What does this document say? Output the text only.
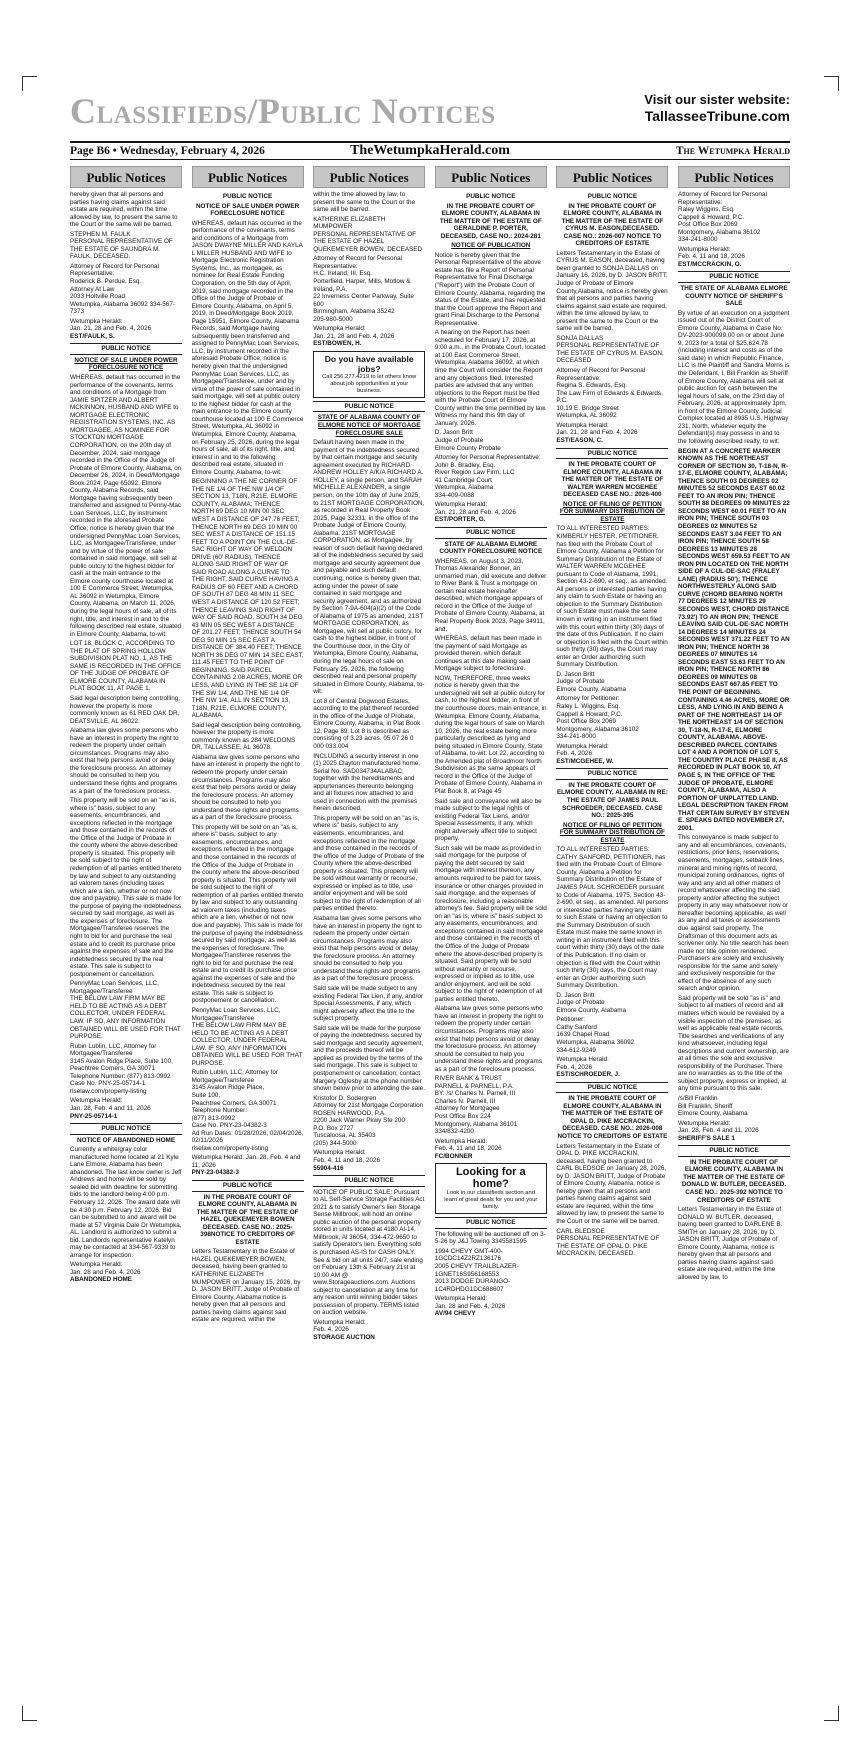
Classifieds/Public Notices	Visit our sister website:
TallasseeTribune.com
Page B6 • Wednesday, February 4, 2026	TheWetumpkaHerald.com	The Wetumpka Herald
Public Notices

hereby given that all persons and parties having claims against said estate are required, within the time allowed by law, to present the same to the Court or the same will be barred.

STEPHEN M. FAULK

PERSONAL REPRESENTATIVE OF THE ESTATE OF SAUNDRA M. FAULK, DECEASED.

Attorney of Record for Personal Representative:
Roderick B. Perdue, Esq.
Attorney At Law
2033 Holtville Road

Wetumpka, Alabama 36092 334-567-7373

Wetumpka Herald:
Jan. 21, 28 and Feb. 4, 2026
EST/FAULK, S.
PUBLIC NOTICE
NOTICE OF SALE UNDER POWER FORECLOSURE NOTICE

WHEREAS, default has occurred in the performance of the covenants, terms and conditions of a Mortgage from JAMIE SPITZER AND ALBERT MCKINNON, HUSBAND AND WIFE to MORTGAGE ELECTRONIC REGISTRATION SYSTEMS, INC. AS MORTGAGEE, AS NOMINEE FOR STOCKTON MORTGAGE CORPORATION, on the 20th day of December, 2024, said mortgage recorded in the Office of the Judge of Probate of Elmore County, Alabama, on December 26, 2024, in Deed/Mortgage Book 2024, Page 65092. Elmore County, Alabama Records, said Mortgage having subsequently been transferred and assigned to Penny-Mac Loan Services, LLC, by instrument recorded in the aforesaid Probate Office; notice is hereby given that the undersigned PennyMac Loan Services, LLC, as Mortgagee/Transferee, under and by virtue of the power of sale contained in said mortgage, will sell at public outcry to the highest bidder for cash at the main entrance to the Elmore county courthouse located at 100 E Commerce Street, Wetumpka, AL 36092 in Wetumpka, Elmore County, Alabama, on March 11, 2026, during the legal hours of sale, all of its right, title, and interest in and to the following described real estate, situated in Elmore County, Alabama, to-wit:

LOT 18, BLOCK C, ACCORDING TO THE PLAT OF SPRING HOLLOW SUBDIVISION PLAT NO. 1, AS THE SAME IS RECORDED IN THE OFFICE OF THE JUDGE OF PROBATE OF ELMORE COUNTY, ALABAMA IN PLAT BOOK 11, AT PAGE 1.

Said legal description being controlling, however the property is more commonly known as 61 RED OAK DR, DEATSVILLE, AL 36022.

Alabama law gives some persons who have an interest in property the right to redeem the property under certain circumstances. Programs may also exist that help persons avoid or delay the foreclosure process. An attorney should be consulted to help you understand these rights and programs as a part of the foreclosure process.

This property will be sold on an "as is, where is" basis, subject to any easements, encumbrances, and exceptions reflected in the mortgage and those contained in the records of the Office of the Judge of Probate in the county where the above-described property is situated. This property will be sold subject to the right of redemption of all parties entitled thereto by law and subject to any outstanding ad valorem taxes (including taxes which are a lien, whether or not now due and payable). This sale is made for the purpose of paying the indebtedness secured by said mortgage, as well as the expenses of foreclosure. The Mortgagee/Transferee reserves the right to bid for and purchase the real estate and to credit its purchase price against the expenses of sale and the indebtedness secured by the real estate. This sale is subject to postponement or cancellation.

PennyMac Loan Services, LLC,
Mortgagee/Transferee

THE BELOW LAW FIRM MAY BE HELD TO BE ACTING AS A DEBT COLLECTOR, UNDER FEDERAL LAW. IF SO, ANY INFORMATION OBTAINED WILL BE USED FOR THAT PURPOSE.

Rubin Lublin, LLC, Attorney for Mortgagee/Transferee
3145 Avalon Ridge Place, Suite 100, Peachtree Corners, GA 30071
Telephone Number: (877) 813-0992 Case No. PNY-25-05714-1

rlselaw.com/property-listing

Wetumpka Herald:
Jan. 28, Feb. 4 and 11, 2026
PNY-25-05714-1
PUBLIC NOTICE
NOTICE OF ABANDONED HOME

Currently a white/gray color manufactured home located at 21 Kyle Lane Elmore, Alabama has been abandoned. The last know owner is Jeff Andrews and home will be sold by sealed bid with deadline for submitting bids to the landlord being 4:00 p.m. February 12, 2026. The award date will be 4:30 p.m. February 12, 2026. Bid can be submitted to and award will be made at 57 Virginia Dale Dr Wetumpka, AL. Landlord is authorized to submit a bid. Landlords representative Katelyn may be contacted at 334-567-9339 to arrange for inspection.

Wetumpka Herald:
Jan. 28 and Feb. 4, 2026
ABANDONED HOME
Public Notices
PUBLIC NOTICE
NOTICE OF SALE UNDER POWER FORECLOSURE NOTICE

WHEREAS, default has occurred in the performance of the covenants, terms and conditions of a Mortgage from JASON DWAYNE MILLER AND KAYLA L MILLER HUSBAND AND WIFE to Mortgage Electronic Registration Systems, Inc., as mortgagee, as nominee for Real Estate Funding Corporation, on the 5th day of April, 2019, said mortgage recorded in the Office of the Judge of Probate of Elmore County, Alabama, on April 5, 2019, in Deed/Mortgage Book 2019, Page 15951, Elmore County, Alabama Records, said Mortgage having subsequently been transferred and assigned to PennyMac Loan Services, LLC, by instrument recorded in the aforesaid Probate Office; notice is hereby given that the undersigned PennyMac Loan Services, LLC, as Mortgagee/Transferee, under and by virtue of the power of sale contained in said mortgage, will sell at public outcry to the highest bidder for cash at the main entrance to the Elmore county courthouse located at 100 E Commerce Street, Wetumpka, AL 36092 in Wetumpka, Elmore County, Alabama, on February 25, 2026, during the legal hours of sale, all of its right, title, and interest in and to the following described real estate, situated in Elmore County, Alabama, to-wit:

BEGINNING A THE NE CORNER OF THE NE 1/4 OF THE NW 1/4 OF SECTION 13, T18N, R21E, ELMORE COUNTY, ALABAMA; THENCE NORTH 69 DEG 10 MIN 00 SEC WEST A DISTANCE OF 247.76 FEET; THENCE NORTH 69 DEG 10 MIN 00 SEC WEST A DISTANCE OF 151.15 FEET TO A POINT ON THE CUL-DE-SAC RIGHT OF WAY OF WELDON DRIVE (60' RADIUS); THENCE ALONG SAID RIGHT OF WAY OF SAID ROAD ALONG A CURVE TO THE RIGHT, SAID CURVE HAVING A RADIUS OF 60 FEET AND A CHORD OF SOUTH 87 DEG 48 MIN 11 SEC WEST A DISTANCE OF 120.52 FEET; THENCE LEAVING SAID RIGHT OF WAY OF SAID ROAD, SOUTH 34 DEG 43 MIN 05 SEC WEST A DISTANCE OF 201.27 FEET; THENCE SOUTH 54 DEG 50 MIN 15 SEC EAST A DISTANCE OF 384.40 FEET; THENCE NORTH 36 DEG 07 MIN 14 SEC EAST, 111.45 FEET TO THE POINT OF BEGINNING. SAID PARCEL CONTAINING 2.08 ACRES, MORE OR LESS, AND LYING IN THE SE 1/4 OF THE SW 1/4, AND THE NE 1/4 OF THE NW 1/4, ALL IN SECTION 13, T18N, R21E, ELMORE COUNTY, ALABAMA.

Said legal description being controlling, however the property is more commonly known as 284 WELDONS DR, TALLASSEE, AL 36078.

Alabama law gives some persons who have an interest in property the right to redeem the property under certain circumstances. Programs may also exist that help persons avoid or delay the foreclosure process. An attorney should be consulted to help you understand these rights and programs as a part of the foreclosure process.

This property will be sold on an "as is, where is" basis, subject to any easements, encumbrances, and exceptions reflected in the mortgage and those contained in the records of the Office of the Judge of Probate in the county where the above-described property is situated. This property will be sold subject to the right of redemption of all parties entitled thereto by law and subject to any outstanding ad valorem taxes (including taxes which are a lien, whether or not now due and payable). This sale is made for the purpose of paying the indebtedness secured by said mortgage, as well as the expenses of foreclosure. The Mortgagee/Transferee reserves the right to bid for and purchase the real estate and to credit its purchase price against the expenses of sale and the indebtedness secured by the real estate. This sale is subject to postponement or cancellation.

PennyMac Loan Services, LLC,
Mortgagee/Transferee

THE BELOW LAW FIRM MAY BE HELD TO BE ACTING AS A DEBT COLLECTOR, UNDER FEDERAL LAW. IF SO, ANY INFORMATION OBTAINED WILL BE USED FOR THAT PURPOSE.

Rubin Lublin, LLC, Attorney for Mortgagee/Transferee
3145 Avalon Ridge Place,
Suite 100,
Peachtree Corners, GA 30071
Telephone Number:
(877) 813-0992
Case No. PNY-23-04382-3
Ad Run Dates: 01/28/2026, 02/04/2026, 02/11/2026

rlselaw.com/property-listing

Wetumpka Herald: Jan. 28, Feb. 4 and 11, 2026
PNY-23-04382-3
PUBLIC NOTICE
IN THE PROBATE COURT OF ELMORE COUNTY, ALABAMA IN THE MATTER OF THE ESTATE OF HAZEL QUEKEMEYER BOWEN DECEASED. CASE NO.: 2025-398NOTICE TO CREDITORS OF ESTATE

Letters Testamentary in the Estate of HAZEL QUEKEMEYER BOWEN, deceased, having been granted to KATHERINE ELIZABETH MUMPOWER on January 15, 2026, by D. JASON BRITT, Judge of Probate of Elmore County, Alabama notice is hereby given that all persons and parties having claims against said estate are required, within the

Public Notices

within the time allowed by law, to present the same to the Court or the same will be barred.

KATHERINE ELIZABETH MUMPOWER

PERSONAL REPRESENTATIVE OF THE ESTATE OF HAZEL QUEKEMEYER BOWEN, DECEASED

Attorney of Record for Personal Representative:
H.C. Ireland, III, Esq.
Porterfield, Harper, Mills, Motlow & Ireland, P.A.
22 Inverness Center Parkway, Suite 600
Birmingham, Alabama 35242

205-980-5000

Wetumpka Herald:
Jan. 21, 28 and Feb. 4, 2026
EST/BOWEN, H.
Do you have available jobs?
Call 256.277.4219 to let others know about job opportunities at your business.
PUBLIC NOTICE
STATE OF ALABAMA COUNTY OF ELMORE NOTICE OF MORTGAGE FORECLOSURE SALE

Default having been made in the payment of the indebtedness secured by that certain mortgage and security agreement executed by RICHARD ANDREW HOLLEY A/K/A RICHARD A. HOLLEY, a single person, and SARAH MICHELLE ALEXANDER, a single person, on the 10th day of June 2025, to 21ST MORTGAGE CORPORATION, as recorded in Real Property Book 2025, Page 32331, in the office of the Probate Judge of Elmore County, Alabama. 21ST MORTGAGE CORPORATION, as Mortgagee, by reason of such default having declared all of the indebtedness secured by said mortgage and security agreement due and payable and such default continuing, notice is hereby given that, acting under the power of sale contained in said mortgage and security agreement, and as authorized by Section 7-9A-604(a)(2) of the Code of Alabama of 1975 as amended, 21ST MORTGAGE CORPORATION, as Mortgagee, will sell at public outcry, for cash to the highest bidder, in front of the Courthouse door, in the City of Wetumpka, Elmore County, Alabama, during the legal hours of sale on February 25, 2026, the following described real and personal property situated in Elmore County, Alabama, to-wit:

Lot 8 of Central Dogwood Estates, according to the plat thereof recorded in the office of the Judge of Probate, Elmore County, Alabama, in Plat Book 12, Page 89. Lot 8 is described as consisting of 3.23 acres. 05 07 26 0 000 033.004

INCLUDING a security interest in one (1) 2025 Clayton manufactured home, Serial No. SAD034734ALABAC; together with the hereditaments and appurtenances thereunto belonging and all fixtures now attached to and used in connection with the premises herein described.

This property will be sold on an "as is, where is" basis, subject to any easements, encumbrances, and exceptions reflected in the mortgage and those contained in the records of the office of the Judge of Probate of the County where the above-described property is situated. This property will be sold without warranty or recourse, expressed or implied as to title, use and/or enjoyment and will be sold subject to the right of redemption of all parties entitled thereto.

Alabama law gives some persons who have an interest in property the right to redeem the property under certain circumstances. Programs may also exist that help persons avoid or delay the foreclosure process. An attorney should be consulted to help you understand these rights and programs as a part of the foreclosure process.

Said sale will be made subject to any existing Federal Tax Lien, if any, and/or Special Assessments, if any, which might adversely affect the title to the subject property.

Said sale will be made for the purpose of paying the indebtedness secured by said mortgage and security agreement, and the proceeds thereof will be applied as provided by the terms of the said mortgage. This sale is subject to postponement or cancellation; contact Margery Oglesby at the phone number shown below prior to attending the sale.

Kristofor D. Sodergren
Attorney for 21st Mortgage Corporation
ROSEN HARWOOD, P.A.
2200 Jack Warner Pkwy Ste 200
P.O. Box 2727
Tuscaloosa, AL 35403

(205) 344-5000

Wetumpka Herald:
Feb. 4, 11 and 18, 2026
55904-416
PUBLIC NOTICE

NOTICE OF PUBLIC SALE: Pursuant to AL Self-Service Storage Facilities Act 2021 & to satisfy Owner's lien Storage Sense Millbrook, will hold an online public auction of the personal property stored in units located at 4180 Al-14, Millbrook, Al 36054, 334-472-9650 to satisfy Operator's lien. Everything sold is purchased AS-IS for CASH ONLY. See & bid on all units 24/7, sale ending on February 13th & February 21st at 10:00 AM @ www.Storageauctions.com. Auctions subject to cancellation at any time for any reason until winning bidder takes possession of property. TERMS listed on auction website.

Wetumpka Herald:
Feb. 4, 2026
STORAGE AUCTION
Public Notices
PUBLIC NOTICE
IN THE PROBATE COURT OF ELMORE COUNTY, ALABAMA IN THE MATTER OF THE ESTATE OF GERALDINE P. PORTER, DECEASED, CASE NO.: 2024-281
NOTICE OF PUBLICATION

Notice is hereby given that the Personal Representative of the above estate has file a Report of Personal Representative for Final Discharge ("Report") with the Probate Court of Elmore County, Alabama, regarding the status of the Estate, and has requested that the Court approve the Report and grant Final Discharge to the Personal Representative.

A hearing on the Report has been scheduled for February 17, 2026, at 9:00 a.m., in the Probate Court, located at 100 East Commerce Street, Wetumpka, Alabama 36092, at which time the Court will consider the Report and any objections filed. Interested parties are advised that any written objections to the Report must be filed with the Probate Court of Elmore County within the time permitted by law. Witness my hand this 9th day of January, 2026.

D. Jason Britt
Judge of Probate

Elmore County Probate

Attorney for Personal Representative:
John B. Bradley, Esq.
River Region Law Firm, LLC
41 Cambridge Court
Wetumpka, Alabama

334-409-0088

Wetumpka Herald:
Jan. 21, 28 and Feb. 4, 2026
EST/PORTER, G.
PUBLIC NOTICE
STATE OF ALABAMA ELMORE COUNTY FORECLOSURE NOTICE

WHEREAS, on August 3, 2023, Thomas Alexander Bonner, an unmarried man, did execute and deliver to River Bank & Trust a mortgage on certain real estate hereinafter described, which mortgage appears of record in the Office of the Judge of Probate of Elmore County, Alabama, at Real Property Book 2023, Page 34911, and,

WHEREAS, default has been made in the payment of said Mortgage as provided therein, which default continues at this date making said Mortgage subject to foreclosure.

NOW, THEREFORE, three weeks notice is hereby given that the undersigned will sell at public outcry for cash, to the highest bidder, in front of the courthouse doors, main entrance, in Wetumpka, Elmore County, Alabama, during the legal hours of sale on March 10, 2026, the real estate being more particularly described as lying and being situated in Elmore County, State of Alabama, to-wit: Lot 22, according to the Amended plat of Broadmoor North Subdivision as the same appears of record in the Office of the Judge of Probate of Elmore County, Alabama in Plat Book 8, at Page 45

Said sale and conveyance will also be made subject to the legal rights of existing Federal Tax Liens, and/or Special Assessments, if any, which might adversely affect title to subject property.

Such sale will be made as provided in said mortgage for the purpose of paying the debt secured by said mortgage with interest thereon, any amounts required to be paid for taxes, insurance or other charges provided in said mortgage, and the expenses of foreclosure, including a reasonable attorney's fee. Said property will be sold on an "as is, where is" basis subject to any easements, encumbrances, and exceptions contained in said mortgage and those contained in the records of the Office of the Judge of Probate where the above-described property is situated. Said property will be sold without warranty or recourse, expressed or implied as to title, use and/or enjoyment, and will be sold subject to the right of redemption of all parties entitled thereto.

Alabama law gives some persons who have an interest in property the right to redeem the property under certain circumstances. Programs may also exist that help persons avoid or delay the foreclosure process. An attorney should be consulted to help you understand these rights and programs as a part of the foreclosure process.

RIVER BANK & TRUST
PARNELL & PARNELL, P.A.
BY: /s/ Charles N. Parnell, III
Charles N. Parnell, III
Attorney for Mortgagee
Post Office Box 224
Montgomery, Alabama 36101

334/832-4200

Wetumpka Herald:
Feb. 4, 11 and 18, 2026
FC/BONNER
Looking for a home?
Look in our classifieds section and learn of great deals for you and your family.
PUBLIC NOTICE

The following will be auctioned off on 3-5-26 by J&J Towing 3345581595

1994 CHEVY GMT-400-1GCDC14Z2RZ136176
2005 CHEVY TRAILBLAZER-1GNET16S956168553

2013 DODGE DURANGO-1C4RDHDG1DC688607

Wetumpka Herald:
Jan. 28 and Feb. 4, 2026
AV/94 CHEVY
Public Notices
PUBLIC NOTICE
IN THE PROBATE COURT OF ELMORE COUNTY, ALABAMA IN THE MATTER OF THE ESTATE OF CYRUS M. EASON,DECEASED. CASE NO.: 2026-007 NOTICE TO CREDITORS OF ESTATE

Letters Testamentary in the Estate of CYRUS M. EASON, deceased, having been granted to SONJA DALLAS on January 16, 2026, by D. JASON BRITT, Judge of Probate of Elmore County,Alabama, notice is hereby given that all persons and parties having claims against said estate are required, within the time allowed by law, to present the same to the Court or the same will be barred.

SONJA DALLAS

PERSONAL REPRESENTATIVE OF THE ESTATE OF CYRUS M. EASON, DECEASED

Attorney of Record for Personal Representative:
Regina S. Edwards, Esq.
The Law Firm of Edwards & Edwards, P.C.
10.19 E. Bridge Street

Wetumpka, AL 36092

Wetumpka Herald:
Jan. 21, 28 and Feb. 4, 2026
EST/EASON, C.
PUBLIC NOTICE
IN THE PROBATE COURT OF ELMORE COUNTY, ALABAMA IN THE MATTER OF THE ESTATE OF WALTER WARREN MCGEHEE DECEASED CASE NO.: 2026-400
NOTICE OF FILING OF PETITION FOR SUMMARY DISTRIBUTION OF ESTATE

TO ALL INTERESTED PARTIES: KIMBERLY HESTER, PETITIONER, has filed with the Probate Court of Elmore County, Alabama a Petition for Summary Distribution of the Estate of WALTER WARREN MCGEHEE pursuant to Code of Alabama, 1991, Section 43-2-690, et seq., as amended. All persons or interested parties having any claim to such Estate or having an objection to the Summary Distribution of such Estate must make the same known in writing in an instrument filed with this court within thirty (30) days of the date of this Publication. If no claim or objection is filed with the Court within such thirty (30) days, the Court may enter an Order authorizing such Summary Distribution.

D. Jason Britt
Judge of Probate

Elmore County, Alabama

Attorney for Petitioner:
Raley L. Wiggins, Esq.
Cappell & Howard, P.C.
Post Office Box 2069
Montgomery, Alabama 36102

334-241-8000

Wetumpka Herald:
Feb. 4, 2026
EST/MCGEHEE, W.
PUBLIC NOTICE
IN THE PROBATE COURT OF ELMORE COUNTY, ALABAMA IN RE: THE ESTATE OF JAMES PAUL SCHROEDER, DECEASED. CASE NO.: 2025-395
NOTICE OF FILING OF PETITION FOR SUMMARY DISTRIBUTION OF ESTATE

TO ALL INTERESTED PARTIES: CATHY SANFORD, PETITIONER, has filed with the Probate Court of Elmore County, Alabama a Petition for Summary Distribution of the Estate of JAMES PAUL SCHROEDER pursuant to Code of Alabama, 1975, Section 43-2-690, et seq., as amended. All persons or interested parties having any claim to such Estate or having an objection to the Summary Distribution of such Estate must make the same known in writing in an instrument filed with this court within thirty (30) days of the date of this Publication. If no claim or objection is filed with the Court within such thirty (30) days, the Court may enter an Order authorizing such Summary Distribution.

D. Jason Britt
Judge of Probate

Elmore County, Alabama

Petitioner:
Cathy Sanford
1639 Chapel Road
Wetumpka, Alabama 36092

334-612-9249

Wetumpka Herald:
Feb. 4, 2026
EST/SCHROEDER, J.
PUBLIC NOTICE
IN THE PROBATE COURT OF ELMORE COUNTY, ALABAMA IN THE MATTER OF THE ESTATE OF OPAL D. PIKE MCCRACKIN, DECEASED. CASE NO.: 2026-008 NOTICE TO CREDITORS OF ESTATE

Letters Testamentary in the Estate of OPAL D. PIKE MCCRACKIN, deceased, having been granted to CARL BLEDSOE on January 28, 2026, by D. JASON BRITT, Judge of Probate of Elmore County, Alabama, notice is hereby given that all persons and parties having claims against said estate are required, within the time allowed by law, to present the same to the Court or the same will be barred.

CARL BLEDSOE

PERSONAL REPRESENTATIVE OF THE ESTATE OF OPAL D. PIKE MCCRACKIN, DECEASED.

Public Notices
Attorney of Record for Personal Representative:
Raley Wiggins, Esq.
Cappell & Howard, P.C.
Post Office Box 2069
Montgomery, Alabama 36102

334-241-8000

Wetumpka Herald:
Feb. 4, 11 and 18, 2026
EST/MCCRACKIN, O.
PUBLIC NOTICE
THE STATE OF ALABAMA ELMORE COUNTY NOTICE OF SHERIFF'S SALE

By virtue of an execution on a judgment issued out of the District Court of Elmore County, Alabama in Case No. DV-2023-900099.00 on or about June 9, 2023 for a total of $25,624.78 (including interest and costs as of the said date) in which Republic Finance, LLC is the Plaintiff and Sandra Morris is the Defendant, I, Bill Franklin as Sheriff of Elmore County, Alabama will sell at public auction for cash between the legal hours of sale, on the 23rd day of February, 2026, at approximately 1pm, in front of the Elmore County Judicial Complex located at 8935 U.S. Highway 231, North, whatever equity the Defendant(s) may possess in and to the following described realty, to wit:

BEGIN AT A CONCRETE MARKER KNOWN AS THE NORTHEAST CORNER OF SECTION 30, T-18-N, R-17-E, ELMORE COUNTY, ALABAMA; THENCE SOUTH 03 DEGREES 02 MINUTES 52 SECONDS EAST 60.02 FEET TO AN IRON PIN; THENCE SOUTH 88 DEGREES 09 MINUTES 22 SECONDS WEST 60.01 FEET TO AN IRON PIN; THENCE SOUTH 03 DEGREES 02 MINUTES 52 SECONDS EAST 3.04 FEET TO AN IRON PIN; THENCE SOUTH 58 DEGREES 13 MINUTES 28 SECONDS WEST 659.53 FEET TO AN IRON PIN LOCATED ON THE NORTH SIDE OF A CUL-DE-SAC (FRALEY LANE) (RADIUS 50'); THENCE NORTHWESTERLY ALONG SAID CURVE (CHORD BEARING NORTH 77 DEGREES 12 MINUTES 29 SECONDS WEST, CHORD DISTANCE 73.92') TO AN IRON PIN; THENCE LEAVING SAID CUL-DE-SAC NORTH 14 DEGREES 14 MINUTES 24 SECONDS WEST 371.22 FEET TO AN IRON PIN; THENCE NORTH 36 DEGREES 07 MINUTES 14 SECONDS EAST 53.63 FEET TO AN IRON PIN; THENCE NORTH 86 DEGREES 09 MINUTES 08 SECONDS EAST 667.85 FEET TO THE POINT OF BEGINNING. CONTAINING 4.46 ACRES, MORE OR LESS, AND LYING IN AND BEING A PART OF THE NORTHEAST 1/4 OF THE NORTHEAST 1/4 OF SECTION 30, T-18-N, R-17-E, ELMORE COUNTY, ALABAMA. ABOVE-DESCRIBED PARCEL CONTAINS LOT 4 AND A PORTION OF LOT 5, THE COUNTRY PLACE PHASE II, AS RECORDED IN PLAT BOOK 10, AT PAGE 5, IN THE OFFICE OF THE JUDGE OF PROBATE, ELMORE COUNTY, ALABAMA, ALSO A PORTION OF UNPLATTED LAND. LEGAL DESCRIPTION TAKEN FROM THAT CERTAIN SURVEY BY STEVEN E. SPEAKS DATED NOVEMBER 27, 2001.

This conveyance is made subject to any and all encumbrances, covenants, restrictions, prior liens, reservations, easements, mortgages, setback lines, mineral and mining rights of record, municipal zoning ordinances, rights of way and any and all other matters of record whatsoever affecting the said property and/or affecting the subject property in any way whatsoever now or hereafter becoming applicable, as well as any and all taxes or assessments due against said property. The Draftsman of this document acts as scrivener only. No title search has been made nor title opinion rendered. Purchasers are solely and exclusively responsible for the same and solely and exclusively responsible for the effect of the absence of any such search and/or opinion.

Said property will be sold "as is" and subject to all matters of record and all matters which would be revealed by a visible inspection of the premises, as well as applicable real estate records. Title searches and verifications of any kind whatsoever, including legal descriptions and current ownership, are at all times the sole and exclusive responsibility of the Purchaser. There are no warranties as to the title of the subject property, express or implied, at any time pursuant to this sale.

/s/Bill Franklin
Bill Franklin, Sheriff

Elmore County, Alabama

Wetumpka Herald:
Jan. 28, Feb. 4 and 11, 2026
SHERIFF'S SALE 1
PUBLIC NOTICE
IN THE PROBATE COURT OF ELMORE COUNTY, ALABAMA IN THE MATTER OF THE ESTATE OF DONALD W. BUTLER, DECEASED. CASE NO.: 2025-392 NOTICE TO CREDITORS OF ESTATE

Letters Testamentary in the Estate of DONALD W. BUTLER, deceased, having been granted to DARLENE B. SMITH on January 28, 2026, by D. JASON BRITT, Judge of Probate of Elmore County, Alabama, notice is hereby given that all persons and parties having claims against said estate are required, within the time allowed by law, to
